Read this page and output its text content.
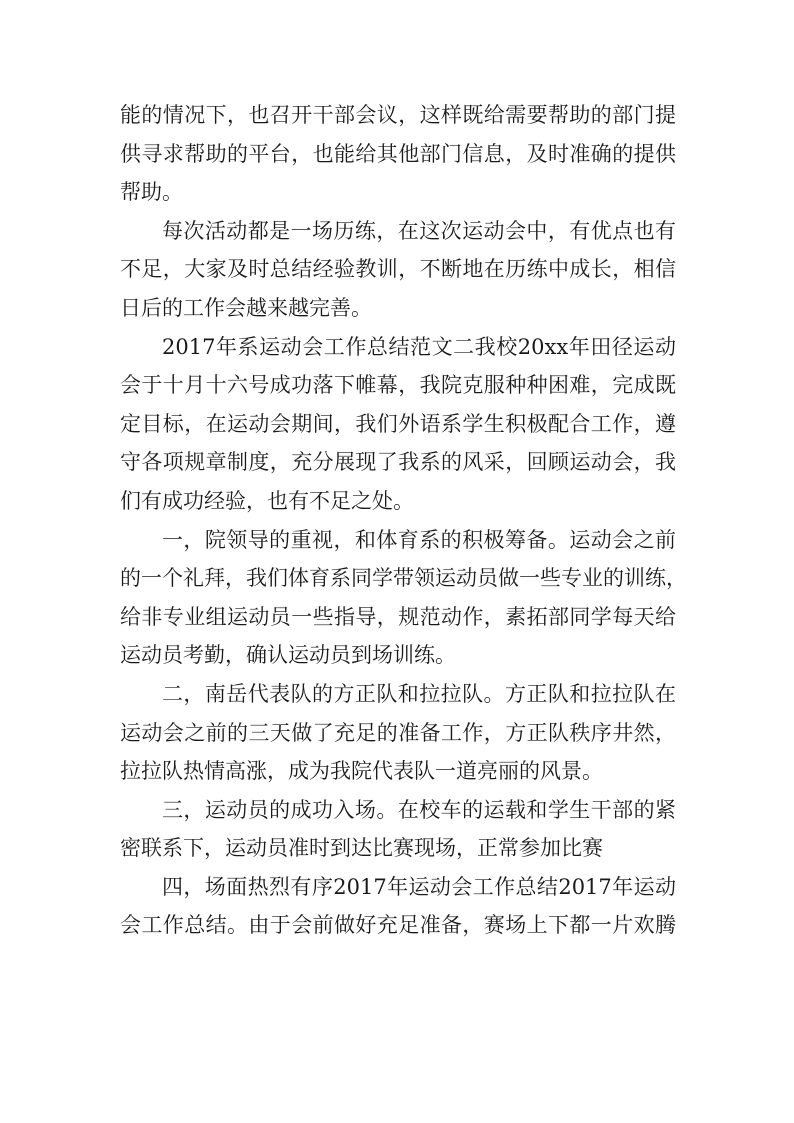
能的情况下，也召开干部会议，这样既给需要帮助的部门提
供寻求帮助的平台，也能给其他部门信息，及时准确的提供
帮助。
每次活动都是一场历练，在这次运动会中，有优点也有
不足，大家及时总结经验教训，不断地在历练中成长，相信
日后的工作会越来越完善。
2017年系运动会工作总结范文二我校20xx年田径运动
会于十月十六号成功落下帷幕，我院克服种种困难，完成既
定目标，在运动会期间，我们外语系学生积极配合工作，遵
守各项规章制度，充分展现了我系的风采，回顾运动会，我
们有成功经验，也有不足之处。
一，院领导的重视，和体育系的积极筹备。运动会之前
的一个礼拜，我们体育系同学带领运动员做一些专业的训练，
给非专业组运动员一些指导，规范动作，素拓部同学每天给
运动员考勤，确认运动员到场训练。
二，南岳代表队的方正队和拉拉队。方正队和拉拉队在
运动会之前的三天做了充足的准备工作，方正队秩序井然，
拉拉队热情高涨，成为我院代表队一道亮丽的风景。
三，运动员的成功入场。在校车的运载和学生干部的紧
密联系下，运动员准时到达比赛现场，正常参加比赛
四，场面热烈有序2017年运动会工作总结2017年运动
会工作总结。由于会前做好充足准备，赛场上下都一片欢腾
